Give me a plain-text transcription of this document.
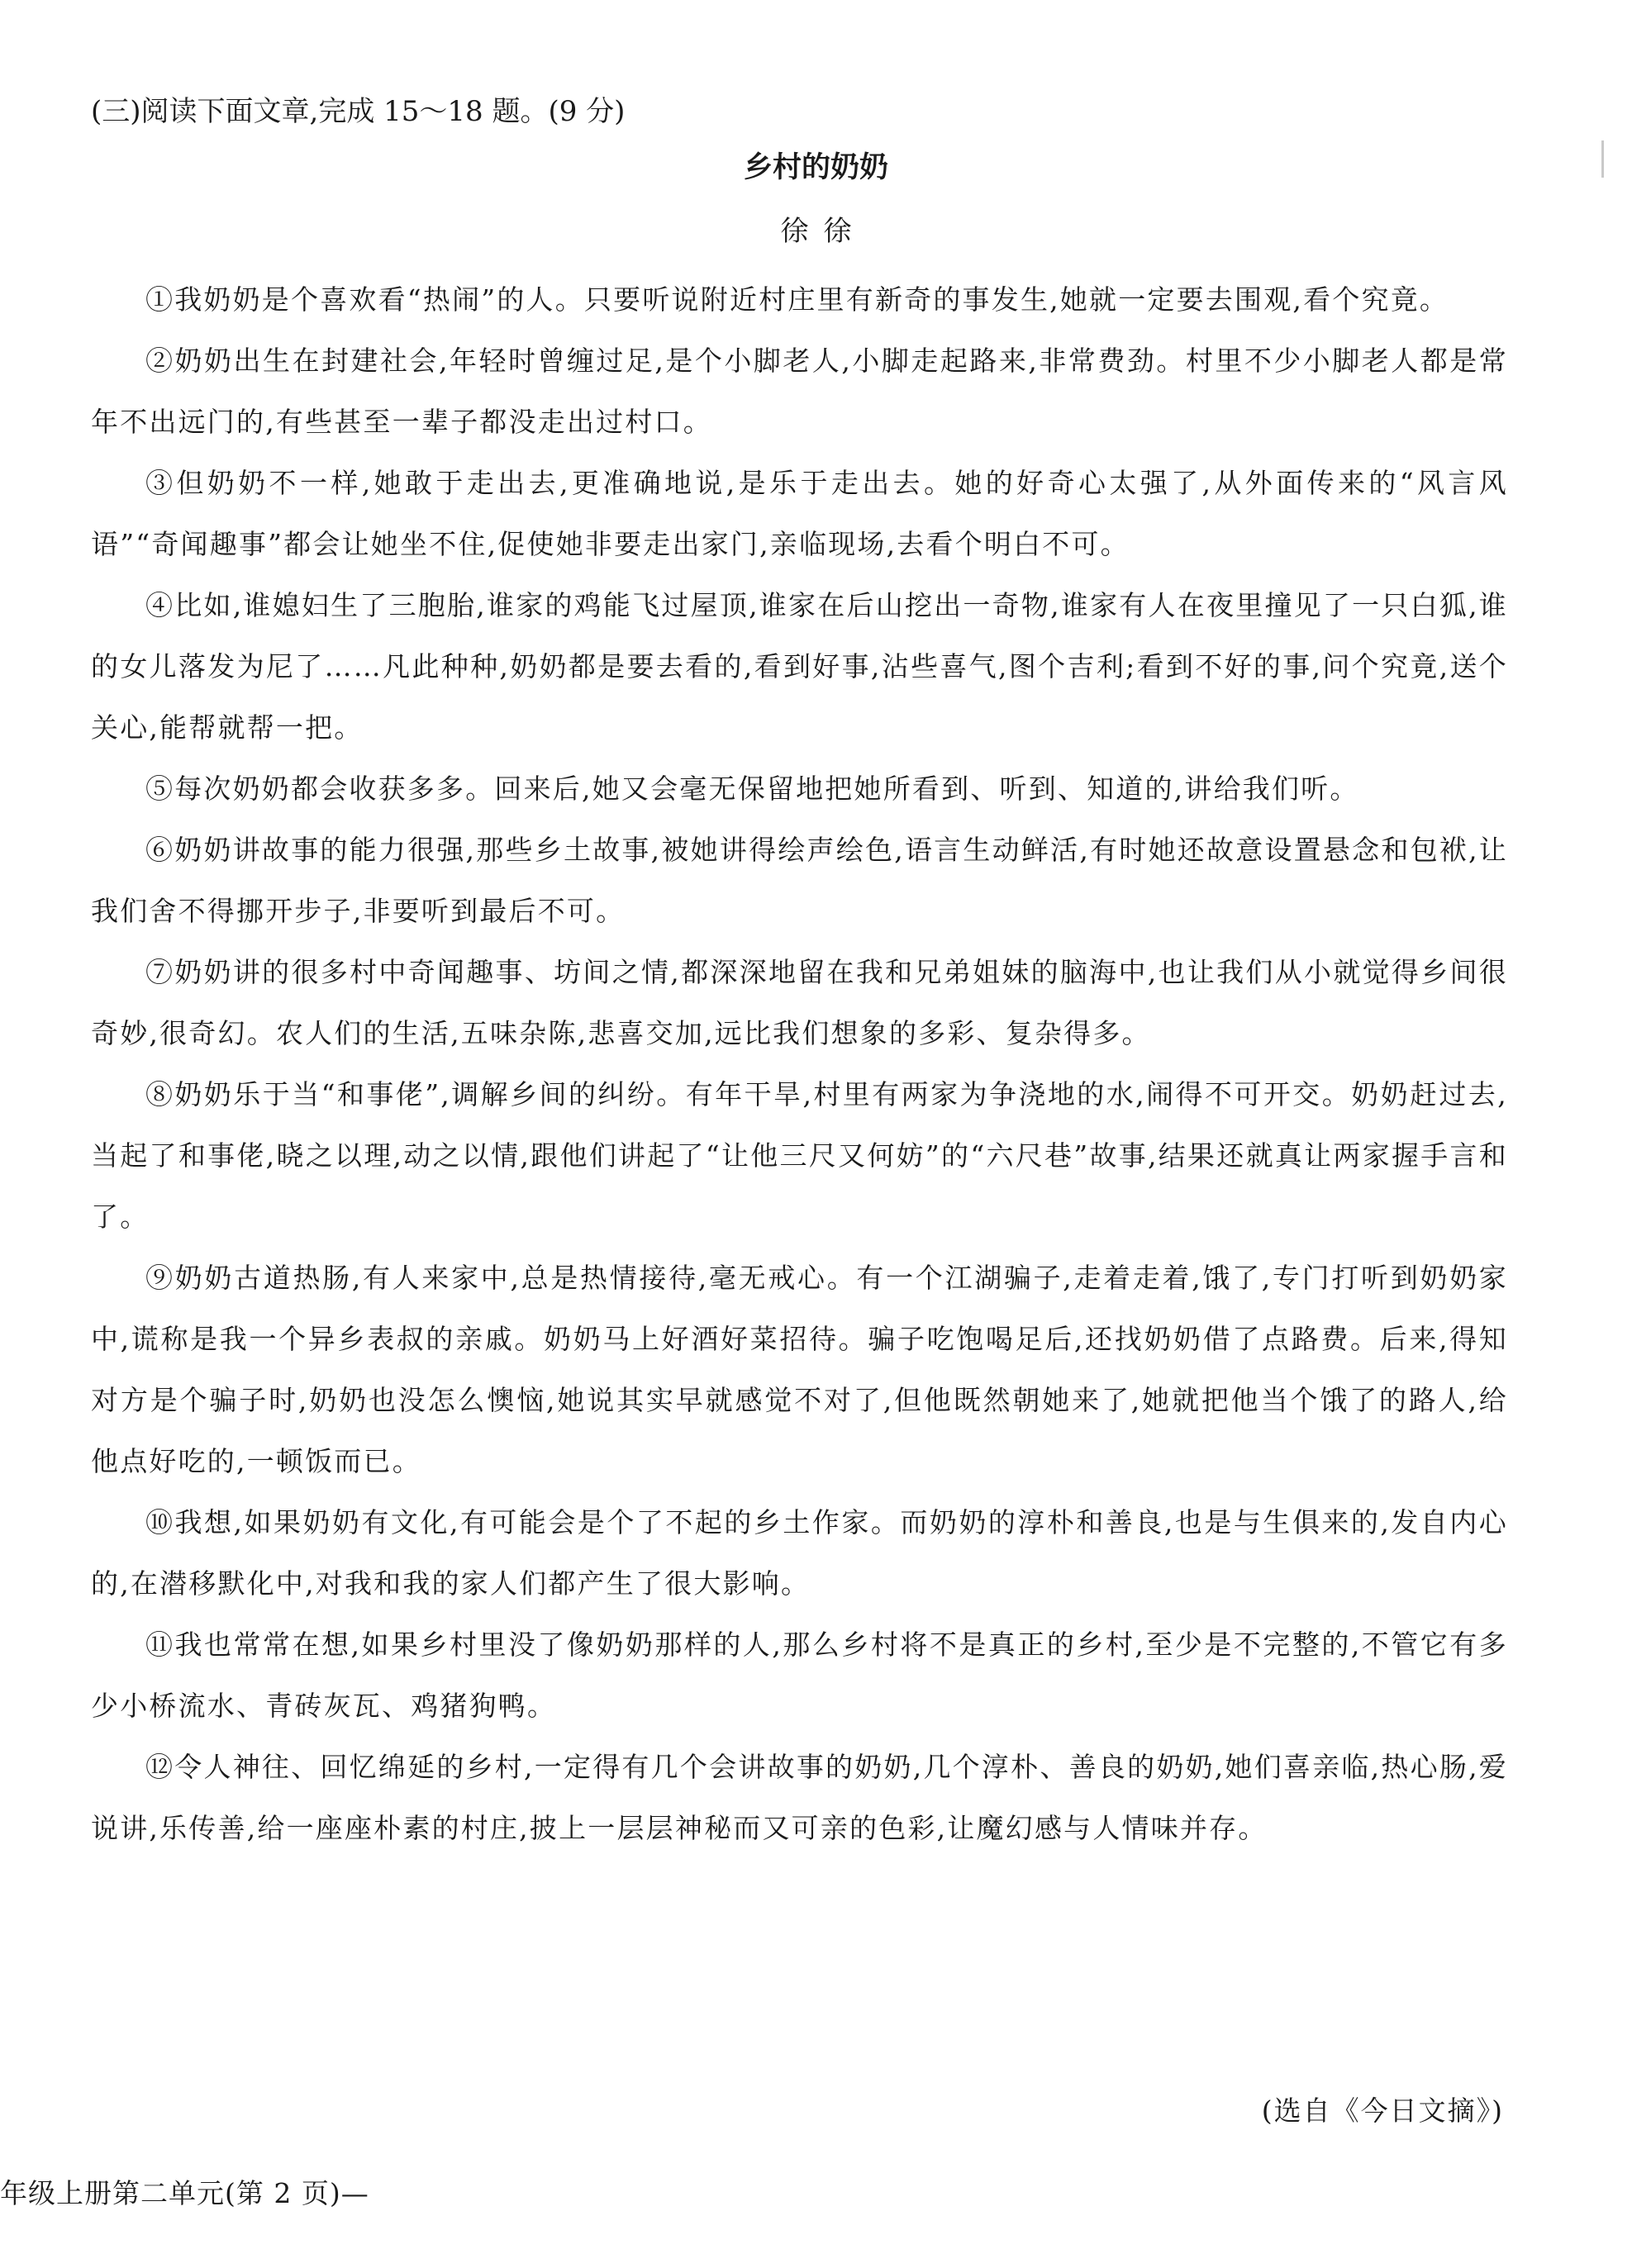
(三)阅读下面文章,完成 15～18 题。(9 分)
乡村的奶奶
徐徐

①我奶奶是个喜欢看“热闹”的人。只要听说附近村庄里有新奇的事发生,她就一定要去围观,看个究竟。

②奶奶出生在封建社会,年轻时曾缠过足,是个小脚老人,小脚走起路来,非常费劲。村里不少小脚老人都是常年不出远门的,有些甚至一辈子都没走出过村口。

③但奶奶不一样,她敢于走出去,更准确地说,是乐于走出去。她的好奇心太强了,从外面传来的“风言风语”“奇闻趣事”都会让她坐不住,促使她非要走出家门,亲临现场,去看个明白不可。

④比如,谁媳妇生了三胞胎,谁家的鸡能飞过屋顶,谁家在后山挖出一奇物,谁家有人在夜里撞见了一只白狐,谁的女儿落发为尼了……凡此种种,奶奶都是要去看的,看到好事,沾些喜气,图个吉利;看到不好的事,问个究竟,送个关心,能帮就帮一把。

⑤每次奶奶都会收获多多。回来后,她又会毫无保留地把她所看到、听到、知道的,讲给我们听。

⑥奶奶讲故事的能力很强,那些乡土故事,被她讲得绘声绘色,语言生动鲜活,有时她还故意设置悬念和包袱,让我们舍不得挪开步子,非要听到最后不可。

⑦奶奶讲的很多村中奇闻趣事、坊间之情,都深深地留在我和兄弟姐妹的脑海中,也让我们从小就觉得乡间很奇妙,很奇幻。农人们的生活,五味杂陈,悲喜交加,远比我们想象的多彩、复杂得多。

⑧奶奶乐于当“和事佬”,调解乡间的纠纷。有年干旱,村里有两家为争浇地的水,闹得不可开交。奶奶赶过去,当起了和事佬,晓之以理,动之以情,跟他们讲起了“让他三尺又何妨”的“六尺巷”故事,结果还就真让两家握手言和了。

⑨奶奶古道热肠,有人来家中,总是热情接待,毫无戒心。有一个江湖骗子,走着走着,饿了,专门打听到奶奶家中,谎称是我一个异乡表叔的亲戚。奶奶马上好酒好菜招待。骗子吃饱喝足后,还找奶奶借了点路费。后来,得知对方是个骗子时,奶奶也没怎么懊恼,她说其实早就感觉不对了,但他既然朝她来了,她就把他当个饿了的路人,给他点好吃的,一顿饭而已。

⑩我想,如果奶奶有文化,有可能会是个了不起的乡土作家。而奶奶的淳朴和善良,也是与生俱来的,发自内心的,在潜移默化中,对我和我的家人们都产生了很大影响。

⑪我也常常在想,如果乡村里没了像奶奶那样的人,那么乡村将不是真正的乡村,至少是不完整的,不管它有多少小桥流水、青砖灰瓦、鸡猪狗鸭。

⑫令人神往、回忆绵延的乡村,一定得有几个会讲故事的奶奶,几个淳朴、善良的奶奶,她们喜亲临,热心肠,爱说讲,乐传善,给一座座朴素的村庄,披上一层层神秘而又可亲的色彩,让魔幻感与人情味并存。

(选自《今日文摘》)
年级上册第二单元(第 2 页)—
